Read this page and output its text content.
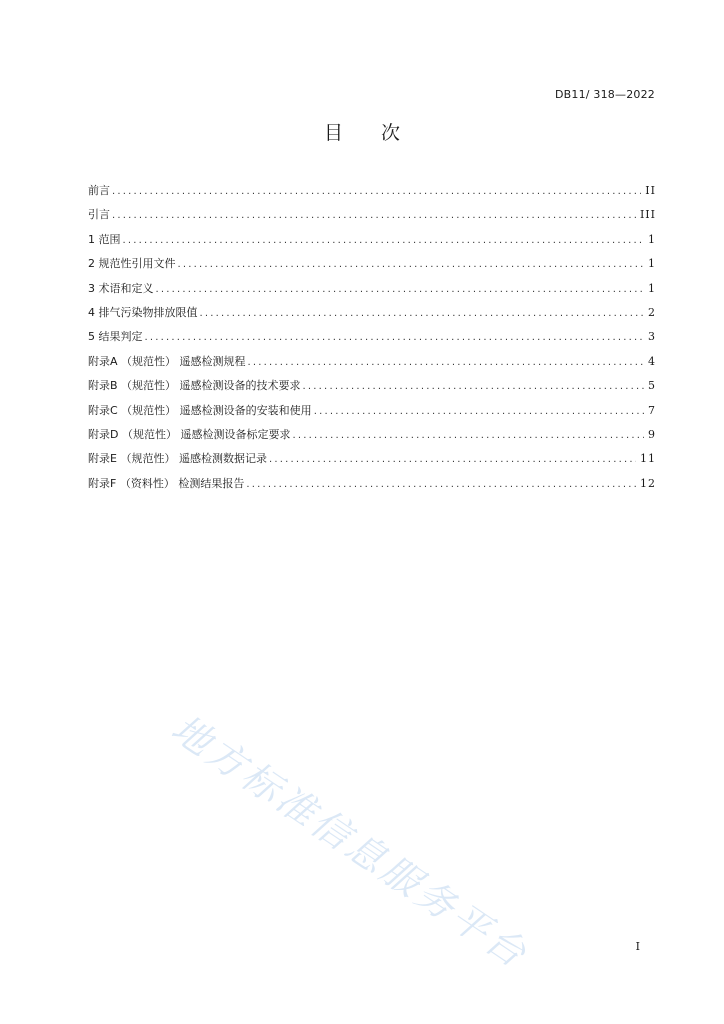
DB11/ 318—2022
目次
前言 .....	II
引言 .....	III
1 范围 .....	1
2 规范性引用文件 .....	1
3 术语和定义 .....	1
4 排气污染物排放限值 .....	2
5 结果判定 .....	3
附录A （规范性） 遥感检测规程 .....	4
附录B （规范性） 遥感检测设备的技术要求 .....	5
附录C （规范性） 遥感检测设备的安装和使用 .....	7
附录D （规范性） 遥感检测设备标定要求 .....	9
附录E （规范性） 遥感检测数据记录 .....	11
附录F （资料性） 检测结果报告 .....	12
地方标准信息服务平台	I
